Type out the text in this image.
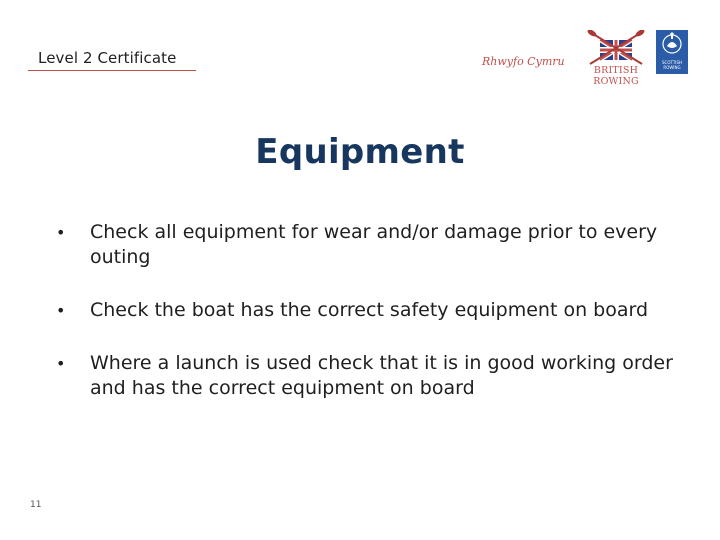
Level 2 Certificate	Rhwyfo Cymru
BRITISH ROWING
SCOTTISH ROWING
Equipment
• Check all equipment for wear and/or damage prior to every outing
• Check the boat has the correct safety equipment on board
• Where a launch is used check that it is in good working order and has the correct equipment on board
11
